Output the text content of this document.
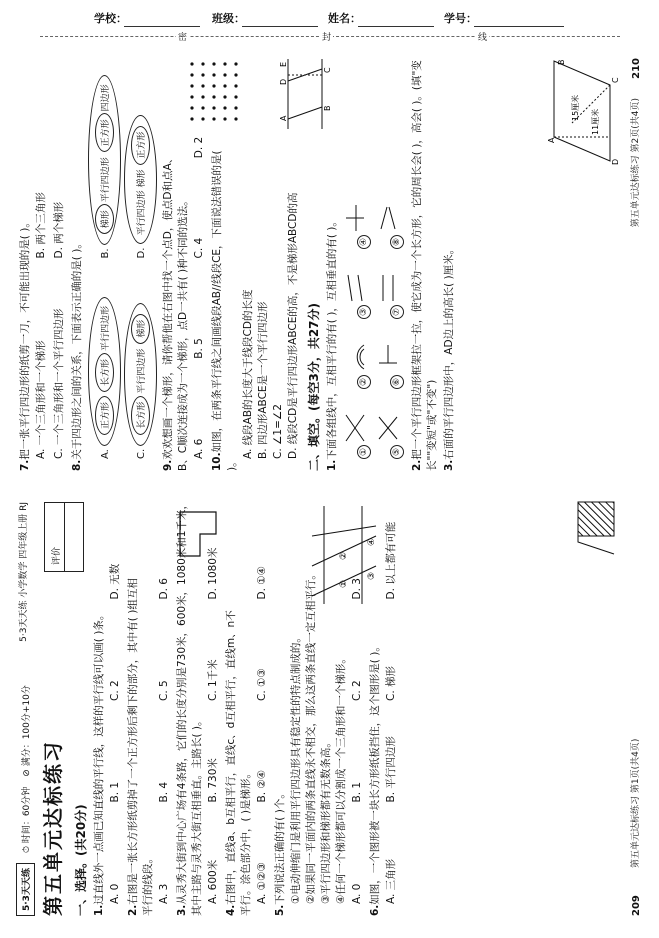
学校：	班级：	姓名：	学号：
密	封	线
5·3天天练
⏱ 时间：60分钟
⊘ 满分：100分+10分
第五单元达标练习
评价
5·3天天练 小学数学 四年级上册 RJ
一、选择。(共20分) 1.过直线外一点画已知直线的平行线，这样的平行线可以画( )条。 A. 0
B. 1
C. 2
D. 无数
2.右图是一张长方形纸剪掉了一个正方形后剩下的部分，其中有( )组互相平行的线段。 A. 3
B. 4
C. 5
D. 6
3.从灵秀大街到中心广场有4条路，它们的长度分别是730米，600米，1080米和1千米，其中主路与灵秀大街互相垂直。主路长( )。 A. 600米
B. 730米
C. 1千米
D. 1080米
4.右图中，直线a、b互相平行，直线c、d互相平行，直线m、n不平行。涂色部分中，( )是梯形。
①
②
③
④
A. ①②③
B. ②④
C. ①③
D. ①④
5.下列说法正确的有( )个。 ①电动伸缩门是利用平行四边形具有稳定性的特点制成的。 ②如果同一平面内的两条直线永不相交，那么这两条直线一定互相平行。 ③平行四边形和梯形都有无数条高。 ④任何一个梯形都可以分割成一个三角形和一个梯形。 A. 0
B. 1
C. 2
D. 3
6.如图，一个图形被一块长方形纸板挡住，这个图形是( )。 A. 三角形
B. 平行四边形
C. 梯形
D. 以上都有可能
209
第五单元达标练习 第1页(共4页)
7.把一张平行四边形的纸剪一刀，不可能出现的是( )。 A. 一个三角形和一个梯形
B. 两个三角形
C. 一个三角形和一个平行四边形
D. 两个梯形
8.关于四边形之间的关系，下面表示正确的是( )。	A. 正方形长方形平行四边形
B. 梯形平行四边形 正方形四边形
C. 长方形平行四边形 梯形
D. 平行四边形 梯形 正方形
9.欢欢想画一个梯形，请你帮他在右图中找一个点D，使点D和点A、B、C顺次连接成为一个梯形，点D一共有( )种不同的选法。 A. 6
B. 5
C. 4
D. 2
10.如图，在两条平行线之间画线段AB//线段CE，下面说法错误的是( )。
A
D
E
B
C
A. 线段AB的长度大于线段CD的长度 B. 四边形ABCE是一个平行四边形 C. ∠1=∠2 D. 线段CD是平行四边形ABCE的高，不是梯形ABCD的高 二、填空。(每空3分，共27分) 1.下面各组线中，互相平行的有( )，互相垂直的有( )。	①
②
③
④
⑤
⑥
⑦
⑧
2.把一个平行四边形框架拉一拉，使它成为一个长方形，它的周长会( )，高会( )。(填"变长""变短"或"不变") 3.右面的平行四边形中，AD边上的高长( )厘米。
A
B
C
D
15厘米
11厘米	第五单元达标练习 第2页(共4页)
210
